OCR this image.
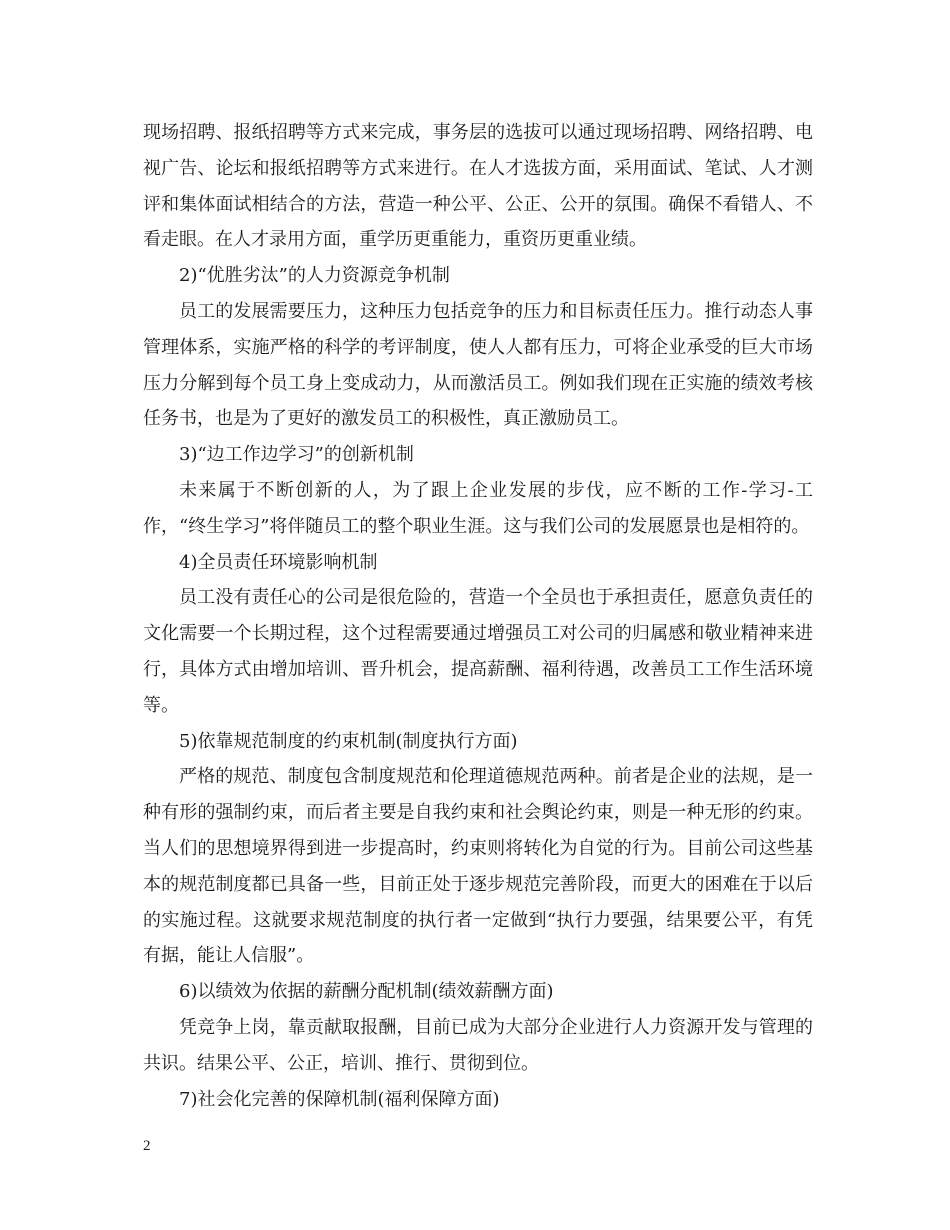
现场招聘、报纸招聘等方式来完成，事务层的选拔可以通过现场招聘、网络招聘、电视广告、论坛和报纸招聘等方式来进行。在人才选拔方面，采用面试、笔试、人才测评和集体面试相结合的方法，营造一种公平、公正、公开的氛围。确保不看错人、不看走眼。在人才录用方面，重学历更重能力，重资历更重业绩。

2)“优胜劣汰”的人力资源竞争机制

员工的发展需要压力，这种压力包括竞争的压力和目标责任压力。推行动态人事管理体系，实施严格的科学的考评制度，使人人都有压力，可将企业承受的巨大市场压力分解到每个员工身上变成动力，从而激活员工。例如我们现在正实施的绩效考核任务书，也是为了更好的激发员工的积极性，真正激励员工。

3)“边工作边学习”的创新机制

未来属于不断创新的人，为了跟上企业发展的步伐，应不断的工作-学习-工作，“终生学习”将伴随员工的整个职业生涯。这与我们公司的发展愿景也是相符的。

4)全员责任环境影响机制

员工没有责任心的公司是很危险的，营造一个全员也于承担责任，愿意负责任的文化需要一个长期过程，这个过程需要通过增强员工对公司的归属感和敬业精神来进行，具体方式由增加培训、晋升机会，提高薪酬、福利待遇，改善员工工作生活环境等。

5)依靠规范制度的约束机制(制度执行方面)

严格的规范、制度包含制度规范和伦理道德规范两种。前者是企业的法规，是一种有形的强制约束，而后者主要是自我约束和社会舆论约束，则是一种无形的约束。当人们的思想境界得到进一步提高时，约束则将转化为自觉的行为。目前公司这些基本的规范制度都已具备一些，目前正处于逐步规范完善阶段，而更大的困难在于以后的实施过程。这就要求规范制度的执行者一定做到“执行力要强，结果要公平，有凭有据，能让人信服”。

6)以绩效为依据的薪酬分配机制(绩效薪酬方面)

凭竞争上岗，靠贡献取报酬，目前已成为大部分企业进行人力资源开发与管理的共识。结果公平、公正，培训、推行、贯彻到位。

7)社会化完善的保障机制(福利保障方面)

2
